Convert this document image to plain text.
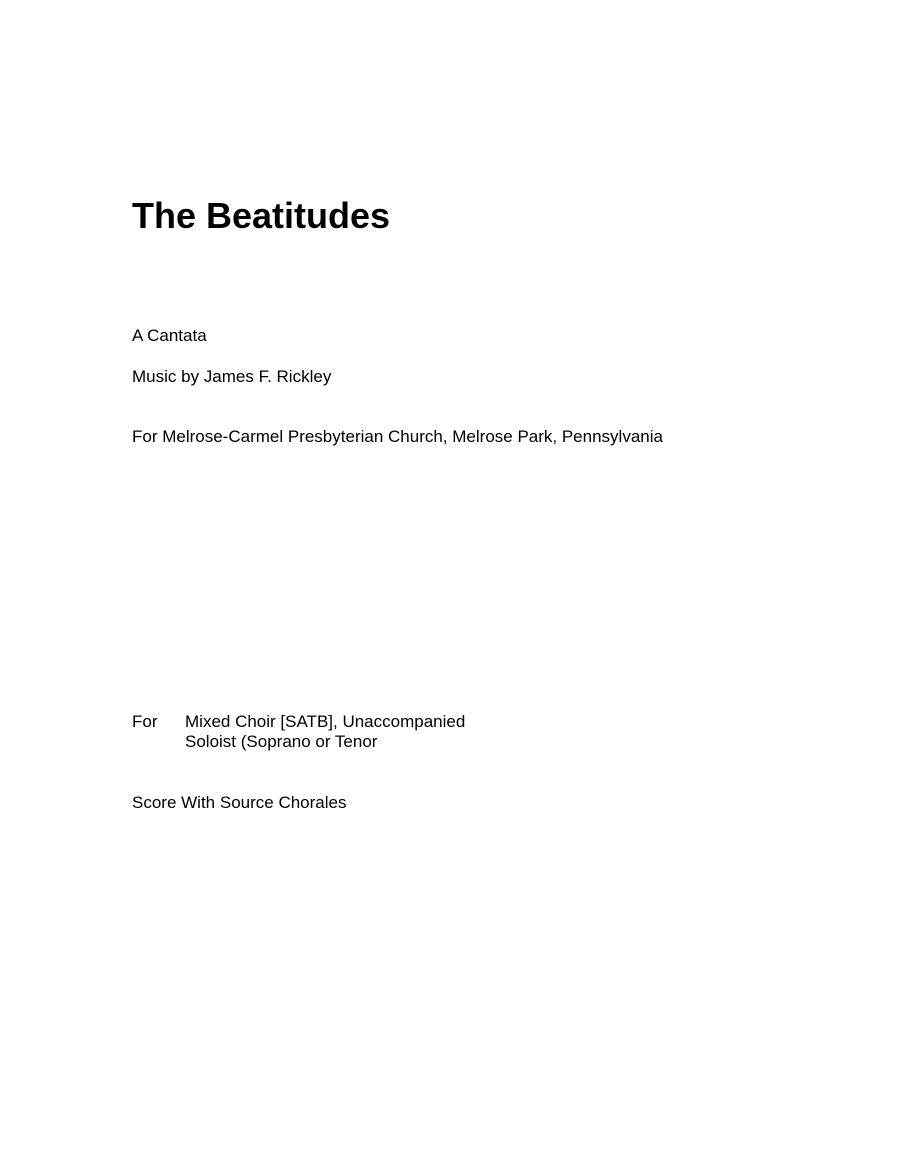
The Beatitudes

A Cantata

Music by James F. Rickley

For Melrose-Carmel Presbyterian Church, Melrose Park, Pennsylvania

For Mixed Choir [SATB], Unaccompanied

Soloist (Soprano or Tenor

Score With Source Chorales
